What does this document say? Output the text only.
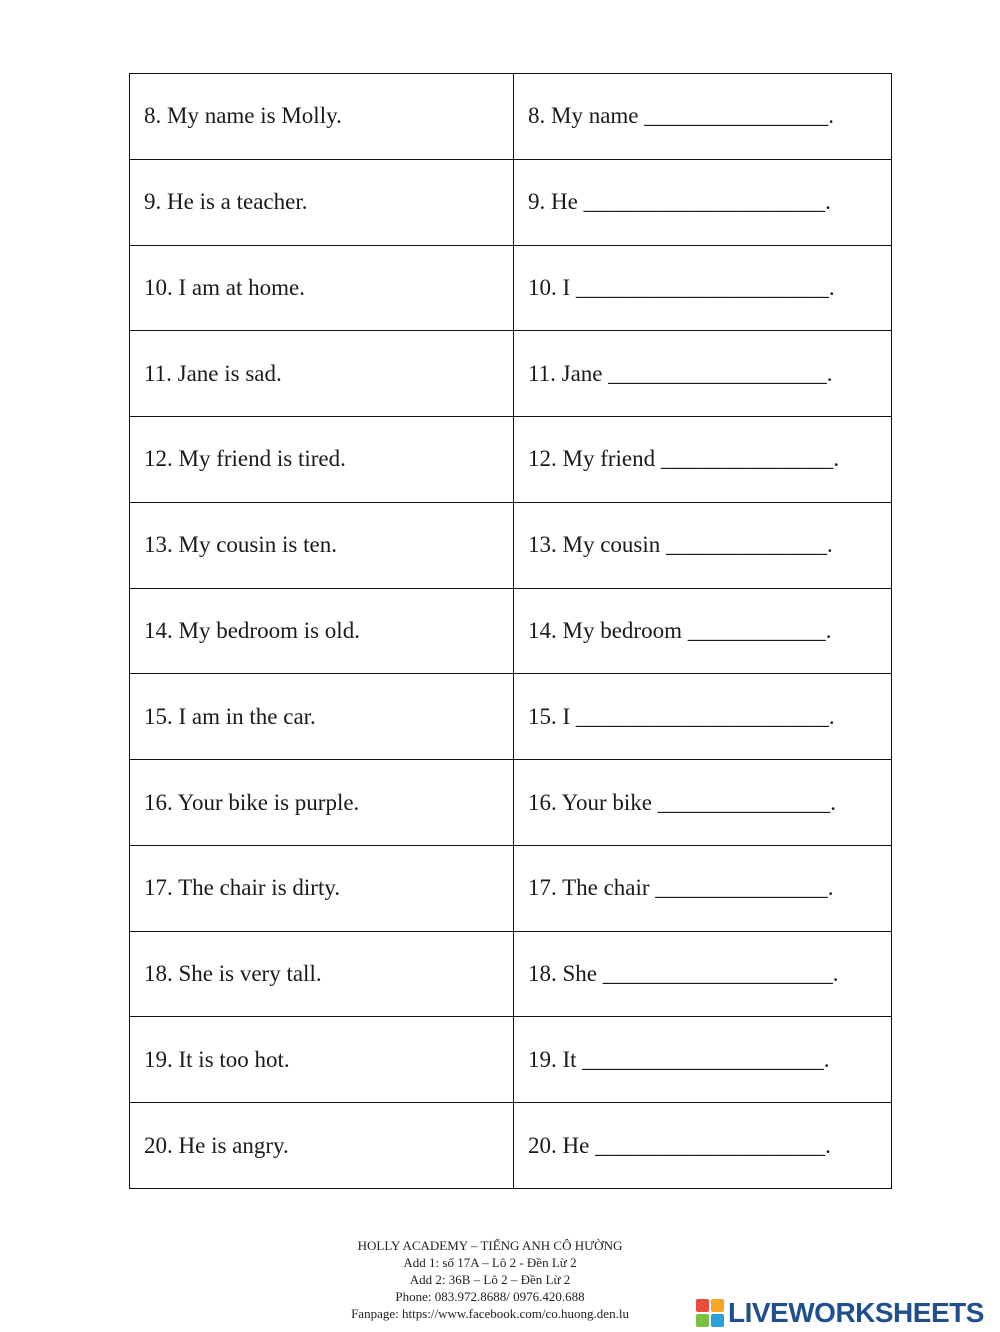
8. My name is Molly.	8. My name ________________.
9. He is a teacher.	9. He _____________________.
10. I am at home.	10. I ______________________.
11. Jane is sad.	11. Jane ___________________.
12. My friend is tired.	12. My friend _______________.
13. My cousin is ten.	13. My cousin ______________.
14. My bedroom is old.	14. My bedroom ____________.
15. I am in the car.	15. I ______________________.
16. Your bike is purple.	16. Your bike _______________.
17. The chair is dirty.	17. The chair _______________.
18. She is very tall.	18. She ____________________.
19. It is too hot.	19. It _____________________.
20. He is angry.	20. He ____________________.
HOLLY ACADEMY – TIẾNG ANH CÔ HƯỜNG
Add 1: số 17A – Lô 2 - Đền Lừ 2
Add 2: 36B – Lô 2 – Đền Lừ 2
Phone: 083.972.8688/ 0976.420.688
Fanpage: https://www.facebook.com/co.huong.den.lu	LIVEWORKSHEETS
